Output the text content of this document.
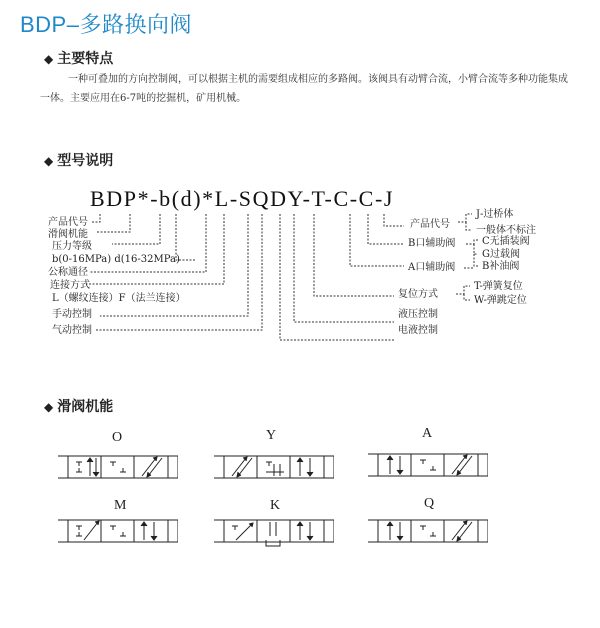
BDP–多路换向阀
◆ 主要特点
一种可叠加的方向控制阀，可以根据主机的需要组成相应的多路阀。该阀具有动臂合流，小臂合流等多种功能集成一体。主要应用在6-7吨的挖掘机，矿用机械。
◆ 型号说明
BDP*-b(d)*L-SQDY-T-C-C-J
产品代号
滑阀机能
压力等级
b(0-16MPa) d(16-32MPa)
公称通径
连接方式
L（螺纹连接）F（法兰连接）
手动控制
气动控制
产品代号
J-过桥体
一般体不标注
B口辅助阀	C无插装阀
G过载阀
B补油阀
A口辅助阀
复位方式
T-弹簧复位
W-弹跳定位
液压控制
电液控制
◆ 滑阀机能
O	Y	A
M	K	Q
